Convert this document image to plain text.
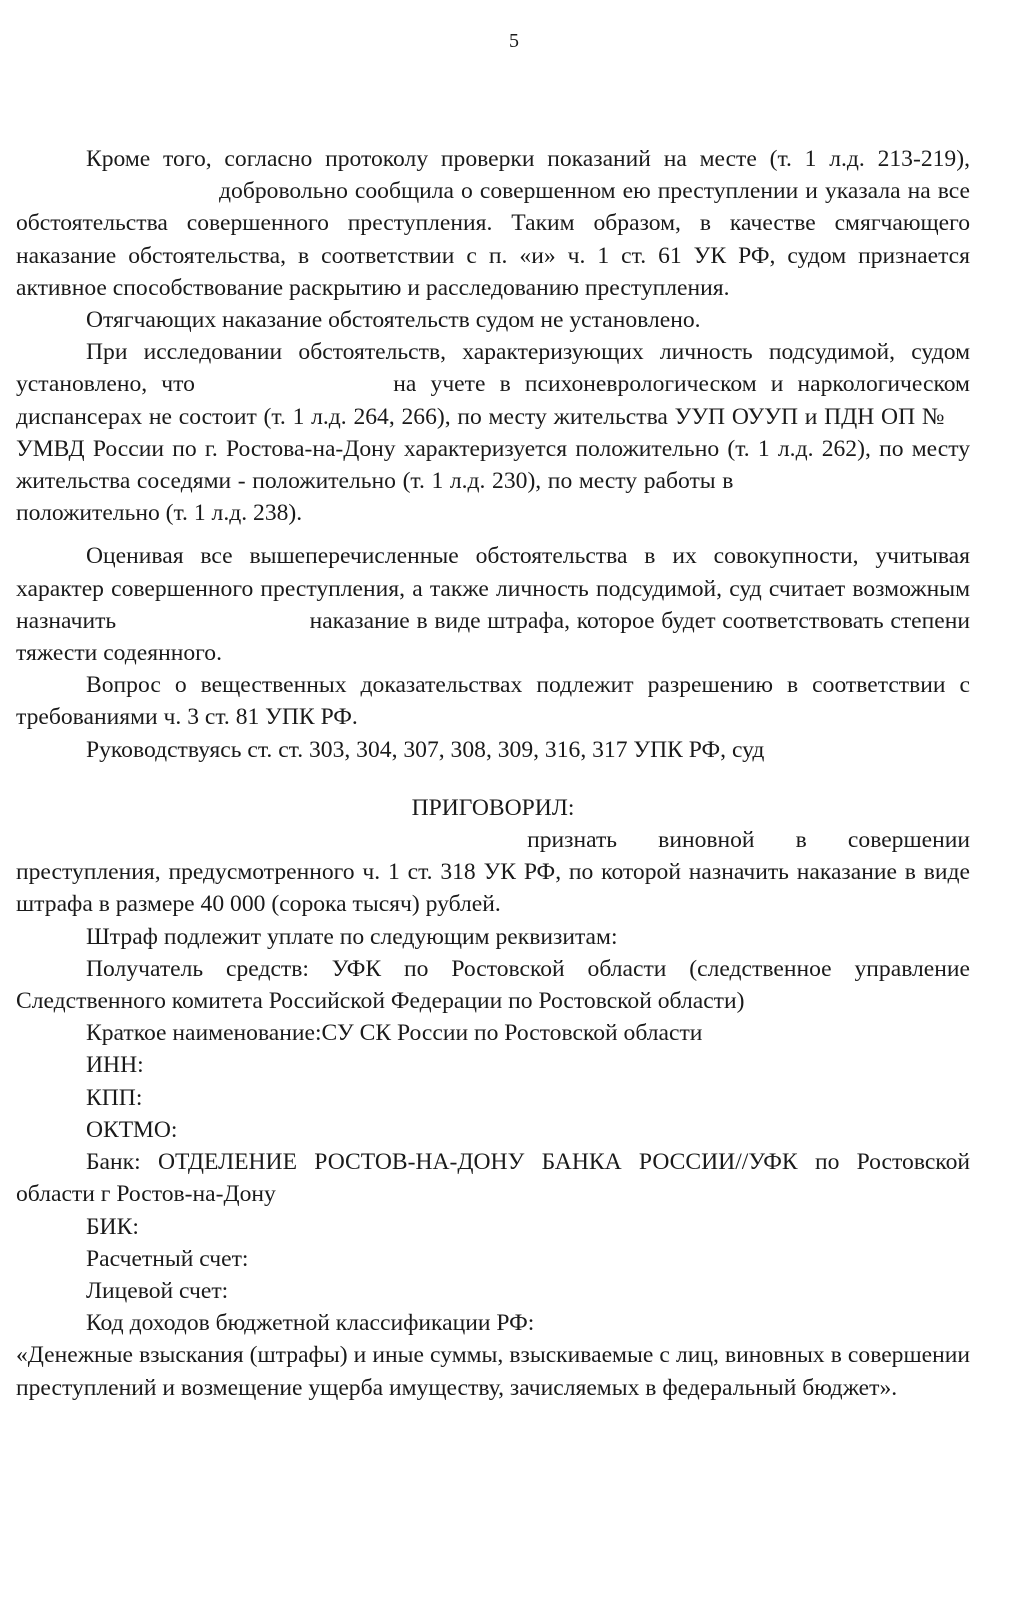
5

Кроме того, согласно протоколу проверки показаний на месте (т. 1 л.д. 213-219), добровольно сообщила о совершенном ею преступлении и указала на все обстоятельства совершенного преступления. Таким образом, в качестве смягчающего наказание обстоятельства, в соответствии с п. «и» ч. 1 ст. 61 УК РФ, судом признается активное способствование раскрытию и расследованию преступления.

Отягчающих наказание обстоятельств судом не установлено.

При исследовании обстоятельств, характеризующих личность подсудимой, судом установлено, что	на учете в психоневрологическом и наркологическом диспансерах не состоит (т. 1 л.д. 264, 266), по месту жительства УУП ОУУП и ПДН ОП №  УМВД России по г. Ростова-на-Дону характеризуется положительно (т. 1 л.д. 262), по месту жительства соседями - положительно (т. 1 л.д. 230), по месту работы в  положительно (т. 1 л.д. 238).

Оценивая все вышеперечисленные обстоятельства в их совокупности, учитывая характер совершенного преступления, а также личность подсудимой, суд считает возможным назначить	наказание в виде штрафа, которое будет соответствовать степени тяжести содеянного.

Вопрос о вещественных доказательствах подлежит разрешению в соответствии с требованиями ч. 3 ст. 81 УПК РФ.

Руководствуясь ст. ст. 303, 304, 307, 308, 309, 316, 317 УПК РФ, суд

ПРИГОВОРИЛ:

признать виновной в совершении преступления, предусмотренного ч. 1 ст. 318 УК РФ, по которой назначить наказание в виде штрафа в размере 40 000 (сорока тысяч) рублей.

Штраф подлежит уплате по следующим реквизитам:

Получатель средств: УФК по Ростовской области (следственное управление Следственного комитета Российской Федерации по Ростовской области)

Краткое наименование:СУ СК России по Ростовской области

ИНН:

КПП:

ОКТМО:

Банк: ОТДЕЛЕНИЕ РОСТОВ-НА-ДОНУ БАНКА РОССИИ//УФК по Ростовской области г Ростов-на-Дону

БИК:

Расчетный счет:

Лицевой счет:

Код доходов бюджетной классификации РФ:

«Денежные взыскания (штрафы) и иные суммы, взыскиваемые с лиц, виновных в совершении преступлений и возмещение ущерба имуществу, зачисляемых в федеральный бюджет».
